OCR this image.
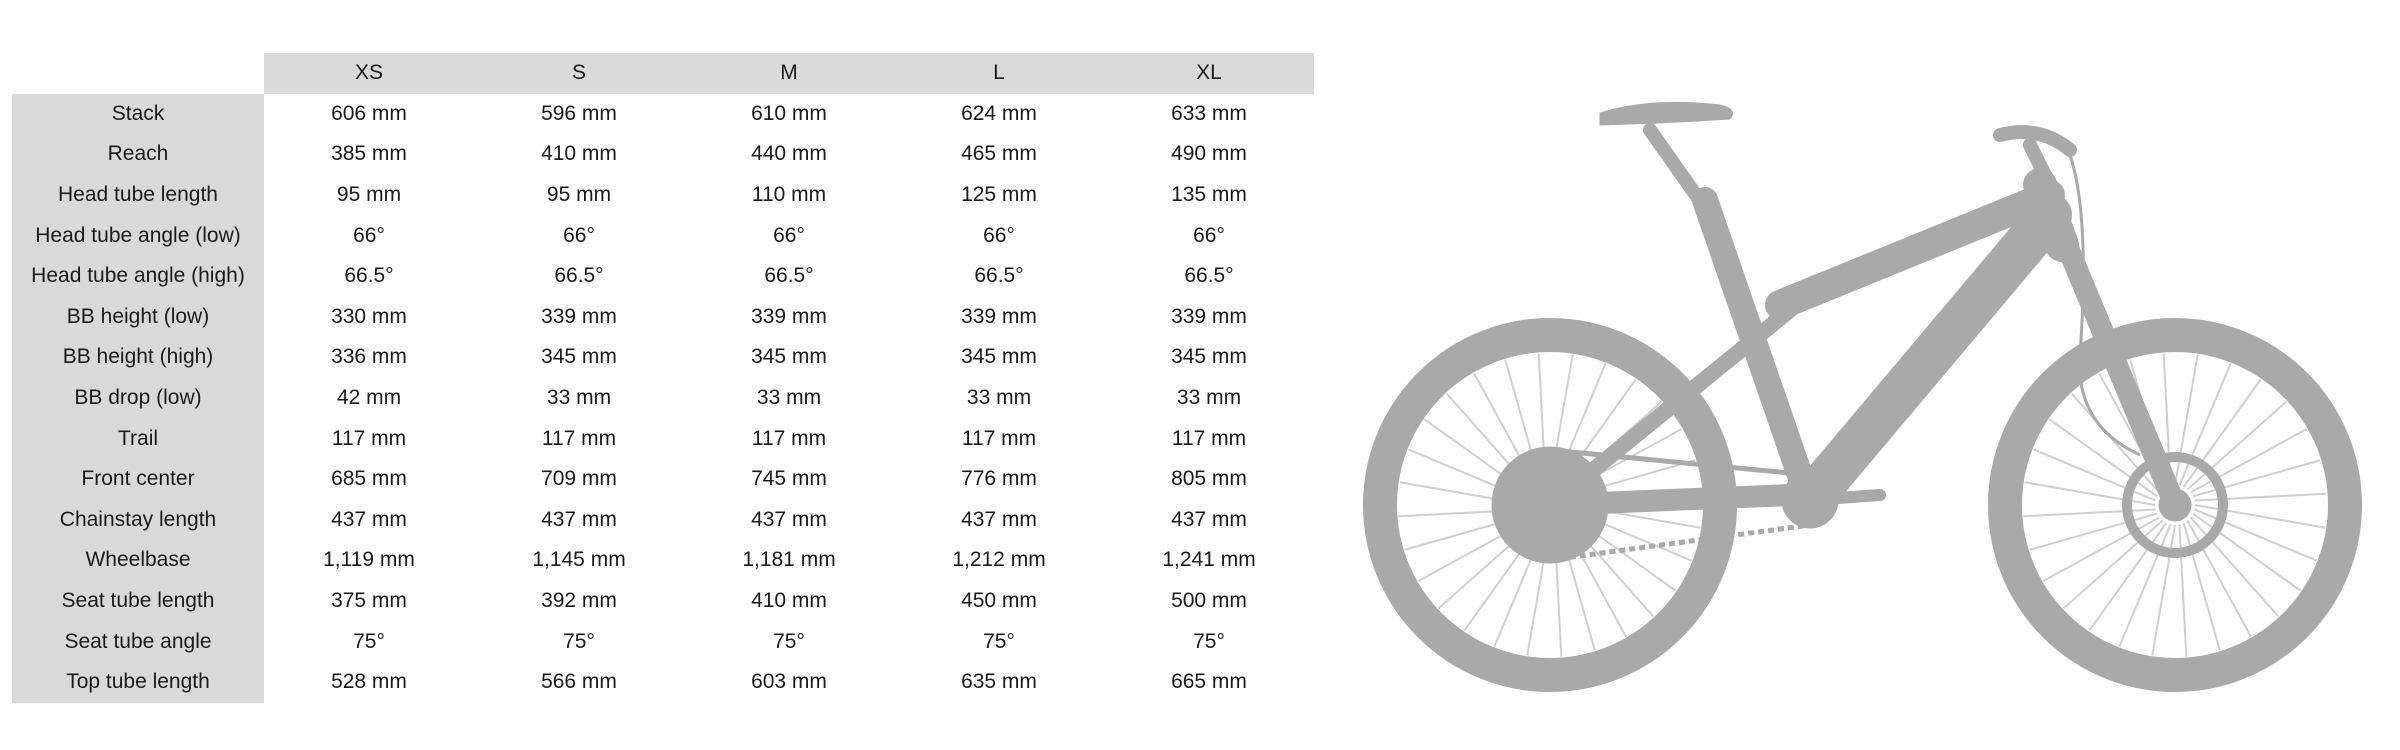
	XS	S	M	L	XL
Stack	606 mm	596 mm	610 mm	624 mm	633 mm
Reach	385 mm	410 mm	440 mm	465 mm	490 mm
Head tube length	95 mm	95 mm	110 mm	125 mm	135 mm
Head tube angle (low)	66°	66°	66°	66°	66°
Head tube angle (high)	66.5°	66.5°	66.5°	66.5°	66.5°
BB height (low)	330 mm	339 mm	339 mm	339 mm	339 mm
BB height (high)	336 mm	345 mm	345 mm	345 mm	345 mm
BB drop (low)	42 mm	33 mm	33 mm	33 mm	33 mm
Trail	117 mm	117 mm	117 mm	117 mm	117 mm
Front center	685 mm	709 mm	745 mm	776 mm	805 mm
Chainstay length	437 mm	437 mm	437 mm	437 mm	437 mm
Wheelbase	1,119 mm	1,145 mm	1,181 mm	1,212 mm	1,241 mm
Seat tube length	375 mm	392 mm	410 mm	450 mm	500 mm
Seat tube angle	75°	75°	75°	75°	75°
Top tube length	528 mm	566 mm	603 mm	635 mm	665 mm
